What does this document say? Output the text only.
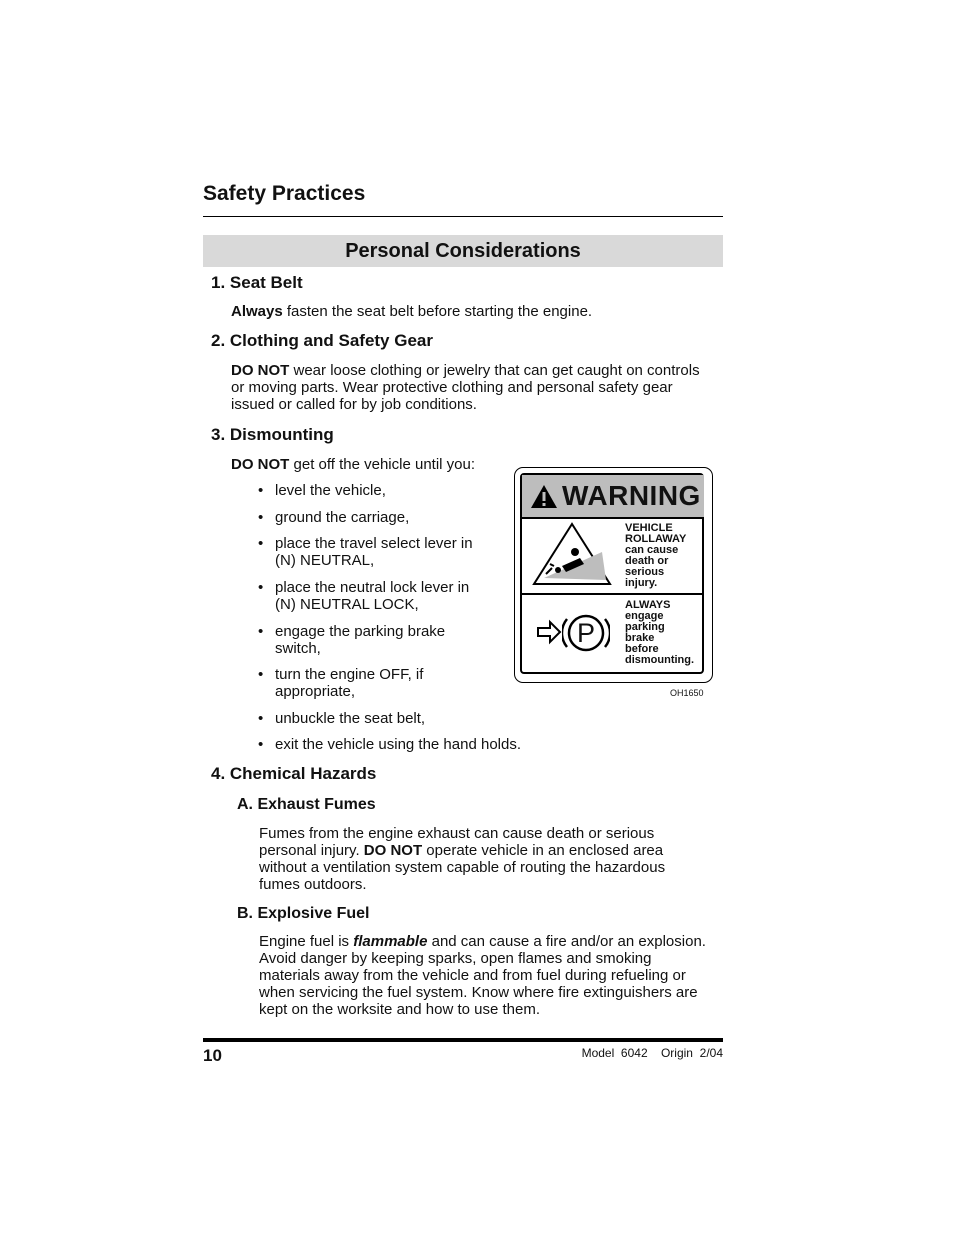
Safety Practices
Personal Considerations
1. Seat Belt
Always fasten the seat belt before starting the engine.
2. Clothing and Safety Gear
DO NOT wear loose clothing or jewelry that can get caught on controls
or moving parts. Wear protective clothing and personal safety gear
issued or called for by job conditions.
3. Dismounting
DO NOT get off the vehicle until you:
• level the vehicle,
• ground the carriage,
• place the travel select lever in
(N) NEUTRAL,
• place the neutral lock lever in
(N) NEUTRAL LOCK,
• engage the parking brake
switch,
• turn the engine OFF, if
appropriate,
• unbuckle the seat belt,
• exit the vehicle using the hand holds.
WARNING
VEHICLE
ROLLAWAY
can cause
death or
serious
injury.
P
ALWAYS
engage
parking
brake
before
dismounting.
OH1650
4. Chemical Hazards
A. Exhaust Fumes
Fumes from the engine exhaust can cause death or serious
personal injury. DO NOT operate vehicle in an enclosed area
without a ventilation system capable of routing the hazardous
fumes outdoors.
B. Explosive Fuel
Engine fuel is flammable and can cause a fire and/or an explosion.
Avoid danger by keeping sparks, open flames and smoking
materials away from the vehicle and from fuel during refueling or
when servicing the fuel system. Know where fire extinguishers are
kept on the worksite and how to use them.
10	Model  6042    Origin  2/04
